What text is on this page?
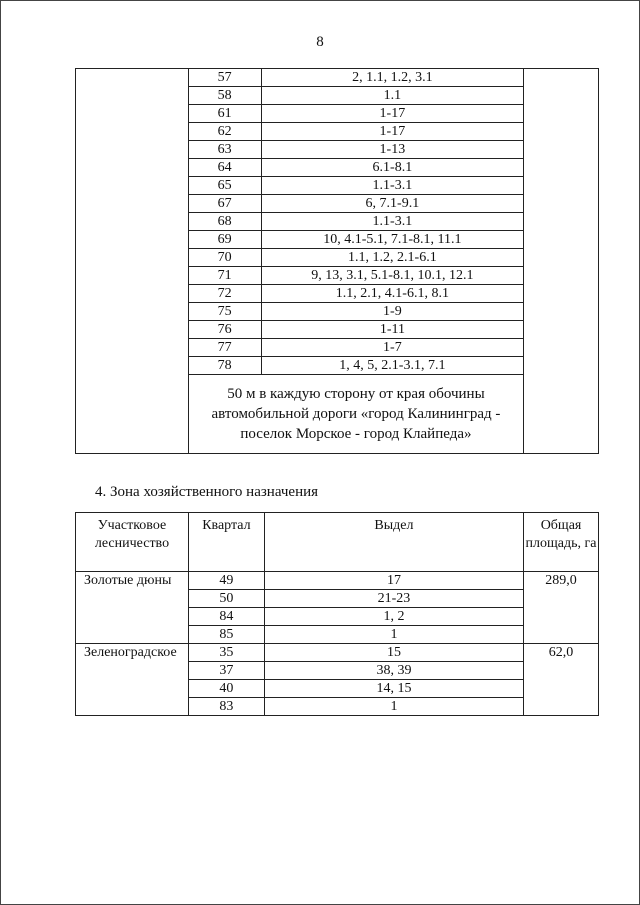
8
	57	2, 1.1, 1.2, 3.1	
	58	1.1	
	61	1-17	
	62	1-17	
	63	1-13	
	64	6.1-8.1	
	65	1.1-3.1	
	67	6, 7.1-9.1	
	68	1.1-3.1	
	69	10, 4.1-5.1, 7.1-8.1, 11.1	
	70	1.1, 1.2, 2.1-6.1	
	71	9, 13, 3.1, 5.1-8.1, 10.1, 12.1	
	72	1.1, 2.1, 4.1-6.1, 8.1	
	75	1-9	
	76	1-11	
	77	1-7	
	78	1, 4, 5, 2.1-3.1, 7.1	
	50 м в каждую сторону от края обочины автомобильной дороги «город Калининград - поселок Морское - город Клайпеда»		
4. Зона хозяйственного назначения
Участковое лесничество	Квартал	Выдел	Общая площадь, га
Золотые дюны	49	17	289,0
	50	21-23	
	84	1, 2	
	85	1	
Зеленоградское	35	15	62,0
	37	38, 39	
	40	14, 15	
	83	1	
